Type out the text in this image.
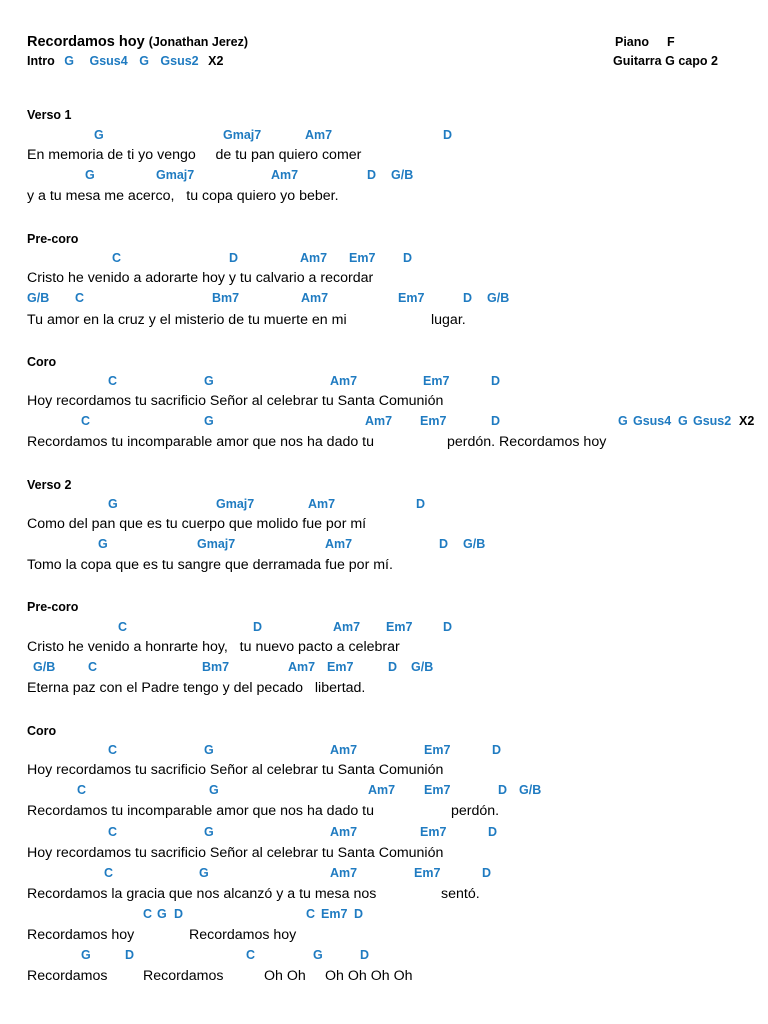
Recordamos hoy (Jonathan Jerez)
Intro G Gsus4 G Gsus2 X2
Piano F
Guitarra G capo 2
Verso 1
G	Gmaj7	Am7	D
En memoria de ti yo vengo     de tu pan quiero comer
G	Gmaj7	Am7	D G/B
y a tu mesa me acerco,   tu copa quiero yo beber.
Pre-coro
C	D	Am7 Em7 D
Cristo he venido a adorarte hoy y tu calvario a recordar
G/B C	Bm7	Am7	Em7	D G/B
Tu amor en la cruz y el misterio de tu muerte en mi	lugar.
Coro
C	G	Am7	Em7	D
Hoy recordamos tu sacrificio Señor al celebrar tu Santa Comunión
C	G	Am7 Em7	D	G Gsus4 G Gsus2 X2
Recordamos tu incomparable amor que nos ha dado tu	perdón. Recordamos hoy
Verso 2
G	Gmaj7	Am7	D
Como del pan que es tu cuerpo que molido fue por mí
G	Gmaj7	Am7	D G/B
Tomo la copa que es tu sangre que derramada fue por mí.
Pre-coro
C	D	Am7 Em7 D
Cristo he venido a honrarte hoy,   tu nuevo pacto a celebrar
G/B	C	Bm7	Am7 Em7	D G/B
Eterna paz con el Padre tengo y del pecado   libertad.
Coro
C	G	Am7	Em7	D
Hoy recordamos tu sacrificio Señor al celebrar tu Santa Comunión
C	G	Am7 Em7	D G/B
Recordamos tu incomparable amor que nos ha dado tu	perdón.
C	G	Am7	Em7	D
Hoy recordamos tu sacrificio Señor al celebrar tu Santa Comunión
C	G	Am7	Em7	D
Recordamos la gracia que nos alcanzó y a tu mesa nos	sentó.
C G D	C Em7 D
Recordamos hoy	Recordamos hoy
G	D	C	G	D
Recordamos	Recordamos	Oh Oh Oh Oh Oh Oh
